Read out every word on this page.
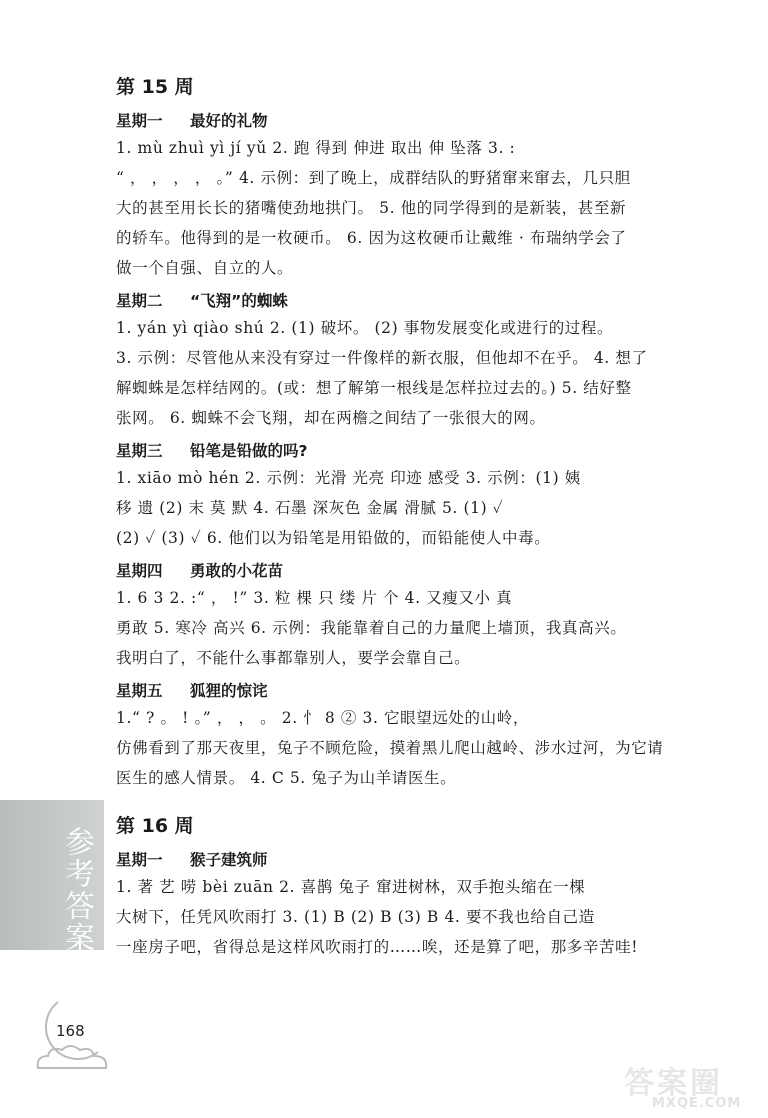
第 15 周
星期一 最好的礼物

1. mù zhuì yì jí yǔ 2. 跑 得到 伸进 取出 伸 坠落 3. :

“ ， ， ， ， 。” 4. 示例：到了晚上，成群结队的野猪窜来窜去，几只胆

大的甚至用长长的猪嘴使劲地拱门。 5. 他的同学得到的是新装，甚至新

的轿车。他得到的是一枚硬币。 6. 因为这枚硬币让戴维 · 布瑞纳学会了

做一个自强、自立的人。

星期二 “飞翔”的蜘蛛

1. yán yì qiào shú 2. (1) 破坏。 (2) 事物发展变化或进行的过程。

3. 示例：尽管他从来没有穿过一件像样的新衣服，但他却不在乎。 4. 想了

解蜘蛛是怎样结网的。(或：想了解第一根线是怎样拉过去的。) 5. 结好整

张网。 6. 蜘蛛不会飞翔，却在两檐之间结了一张很大的网。

星期三 铅笔是铅做的吗?

1. xiāo mò hén 2. 示例：光滑 光亮 印迹 感受 3. 示例：(1) 姨

移 遗 (2) 末 莫 默 4. 石墨 深灰色 金属 滑腻 5. (1) ✓

(2) ✓ (3) ✓ 6. 他们以为铅笔是用铅做的，而铅能使人中毒。

星期四 勇敢的小花苗

1. 6 3 2. :“ ， !” 3. 粒 棵 只 缕 片 个 4. 又瘦又小 真

勇敢 5. 寒冷 高兴 6. 示例：我能靠着自己的力量爬上墙顶，我真高兴。

我明白了，不能什么事都靠别人，要学会靠自己。

星期五 狐狸的惊诧

1.“ ? 。 ! 。” ， ， 。 2. 忄 8 ② 3. 它眼望远处的山岭，

仿佛看到了那天夜里，兔子不顾危险，摸着黑儿爬山越岭、涉水过河，为它请

医生的感人情景。 4. C 5. 兔子为山羊请医生。

第 16 周
星期一 猴子建筑师

1. 著 艺 唠 bèi zuān 2. 喜鹊 兔子 窜进树林，双手抱头缩在一棵

大树下，任凭风吹雨打 3. (1) B (2) B (3) B 4. 要不我也给自己造

一座房子吧，省得总是这样风吹雨打的……唉，还是算了吧，那多辛苦哇!

参考答案
168
答案圈
MXQE.COM
